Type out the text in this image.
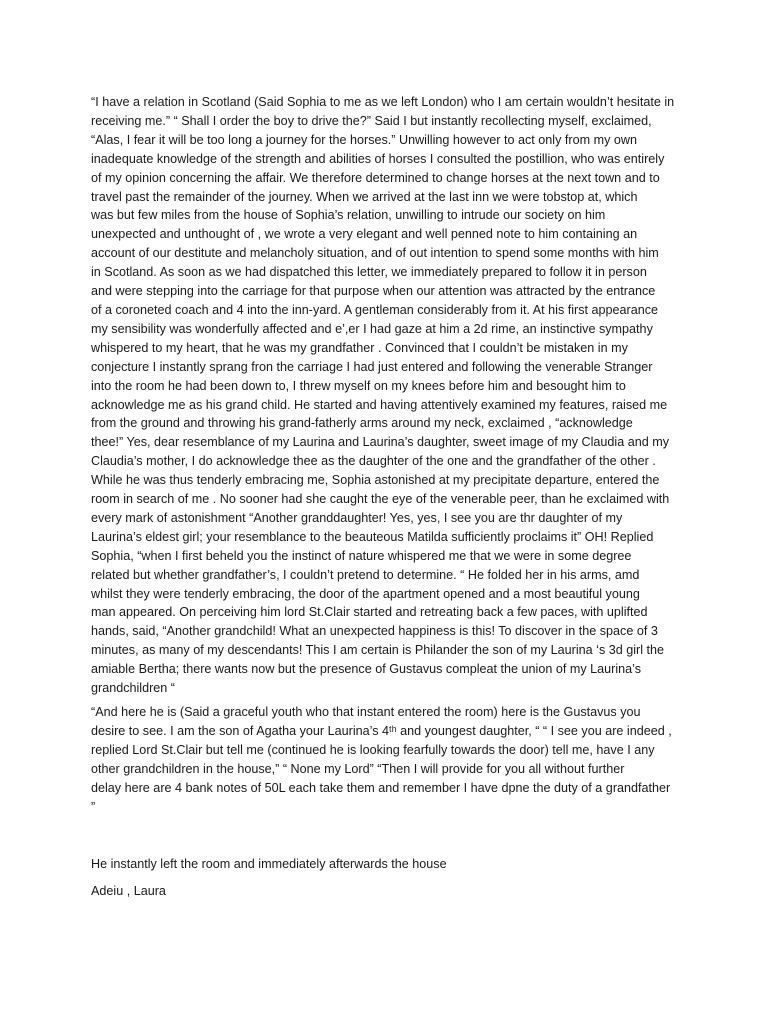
“I have a relation in Scotland (Said Sophia to me as we left London) who I am certain wouldn’t hesitate in
receiving me.” “ Shall I order the boy to drive the?” Said I but instantly recollecting myself, exclaimed,
“Alas, I fear it will be too long a journey for the horses.” Unwilling however to act only from my own
inadequate knowledge of the strength and abilities of horses I consulted the postillion, who was entirely
of my opinion concerning the affair. We therefore determined to change horses at the next town and to
travel past the remainder of the journey. When we arrived at the last inn we were tobstop at, which
was but few miles from the house of Sophia’s relation, unwilling to intrude our society on him
unexpected and unthought of , we wrote a very elegant and well penned note to him containing an
account of our destitute and melancholy situation, and of out intention to spend some months with him
in Scotland. As soon as we had dispatched this letter, we immediately prepared to follow it in person
and were stepping into the carriage for that purpose when our attention was attracted by the entrance
of a coroneted coach and 4 into the inn-yard. A gentleman considerably from it. At his first appearance
my sensibility was wonderfully affected and e’,er I had gaze at him a 2d rime, an instinctive sympathy
whispered to my heart, that he was my grandfather . Convinced that I couldn’t be mistaken in my
conjecture I instantly sprang fron the carriage I had just entered and following the venerable Stranger
into the room he had been down to, I threw myself on my knees before him and besought him to
acknowledge me as his grand child. He started and having attentively examined my features, raised me
from the ground and throwing his grand-fatherly arms around my neck, exclaimed , “acknowledge
thee!” Yes, dear resemblance of my Laurina and Laurina’s daughter, sweet image of my Claudia and my
Claudia’s mother, I do acknowledge thee as the daughter of the one and the grandfather of the other .
While he was thus tenderly embracing me, Sophia astonished at my precipitate departure, entered the
room in search of me . No sooner had she caught the eye of the venerable peer, than he exclaimed with
every mark of astonishment “Another granddaughter! Yes, yes, I see you are thr daughter of my
Laurina’s eldest girl; your resemblance to the beauteous Matilda sufficiently proclaims it” OH! Replied
Sophia, “when I first beheld you the instinct of nature whispered me that we were in some degree
related but whether grandfather’s, I couldn’t pretend to determine. “ He folded her in his arms, amd
whilst they were tenderly embracing, the door of the apartment opened and a most beautiful young
man appeared. On perceiving him lord St.Clair started and retreating back a few paces, with uplifted
hands, said, “Another grandchild! What an unexpected happiness is this! To discover in the space of 3
minutes, as many of my descendants! This I am certain is Philander the son of my Laurina ‘s 3d girl the
amiable Bertha; there wants now but the presence of Gustavus compleat the union of my Laurina’s
grandchildren “
“And here he is (Said a graceful youth who that instant entered the room) here is the Gustavus you
desire to see. I am the son of Agatha your Laurina’s 4ᵗʰ and youngest daughter, “ “ I see you are indeed ,
replied Lord St.Clair but tell me (continued he is looking fearfully towards the door) tell me, have I any
other grandchildren in the house,” “ None my Lord” “Then I will provide for you all without further
delay here are 4 bank notes of 50L each take them and remember I have dpne the duty of a grandfather
”
He instantly left the room and immediately afterwards the house
Adeiu , Laura
